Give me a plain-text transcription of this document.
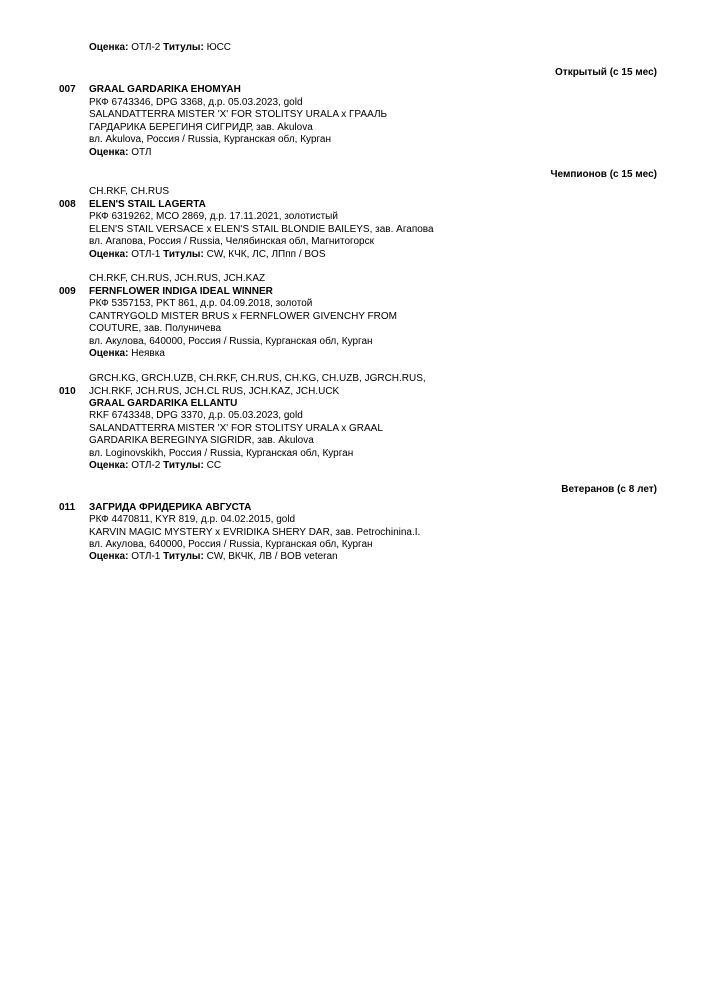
Оценка: ОТЛ-2 Титулы: ЮСС
Открытый (с 15 мес)
007 GRAAL GARDARIKA EHOMYAH
РКФ 6743346, DPG 3368, д.р. 05.03.2023, gold
SALANDATTERRA MISTER 'X' FOR STOLITSY URALA x ГРААЛЬ
ГАРДАРИКА БЕРЕГИНЯ СИГРИДР, зав. Akulova
вл. Akulova, Россия / Russia, Курганская обл, Курган
Оценка: ОТЛ
Чемпионов (с 15 мес)
CH.RKF, CH.RUS
008 ELEN'S STAIL LAGERTA
РКФ 6319262, МСО 2869, д.р. 17.11.2021, золотистый
ELEN'S STAIL VERSACE x ELEN'S STAIL BLONDIE BAILEYS, зав. Агапова
вл. Агапова, Россия / Russia, Челябинская обл, Магнитогорск
Оценка: ОТЛ-1 Титулы: CW, КЧК, ЛС, ЛПпп / BOS
CH.RKF, CH.RUS, JCH.RUS, JCH.KAZ
009 FERNFLOWER INDIGA IDEAL WINNER
РКФ 5357153, PKT 861, д.р. 04.09.2018, золотой
CANTRYGOLD MISTER BRUS x FERNFLOWER GIVENCHY FROM
COUTURE, зав. Полуничева
вл. Акулова, 640000, Россия / Russia, Курганская обл, Курган
Оценка: Неявка
GRCH.KG, GRCH.UZB, CH.RKF, CH.RUS, CH.KG, CH.UZB, JGRCH.RUS,
010 JCH.RKF, JCH.RUS, JCH.CL RUS, JCH.KAZ, JCH.UCK
GRAAL GARDARIKA ELLANTU
RKF 6743348, DPG 3370, д.р. 05.03.2023, gold
SALANDATTERRA MISTER 'X' FOR STOLITSY URALA x GRAAL
GARDARIKA BEREGINYA SIGRIDR, зав. Akulova
вл. Loginovskikh, Россия / Russia, Курганская обл, Курган
Оценка: ОТЛ-2 Титулы: СС
Ветеранов (с 8 лет)
011 ЗАГРИДА ФРИДЕРИКА АВГУСТА
РКФ 4470811, KYR 819, д.р. 04.02.2015, gold
KARVIN MAGIC MYSTERY x EVRIDIKA SHERY DAR, зав. Petrochinina.I.
вл. Акулова, 640000, Россия / Russia, Курганская обл, Курган
Оценка: ОТЛ-1 Титулы: CW, ВКЧК, ЛВ / BOB veteran
